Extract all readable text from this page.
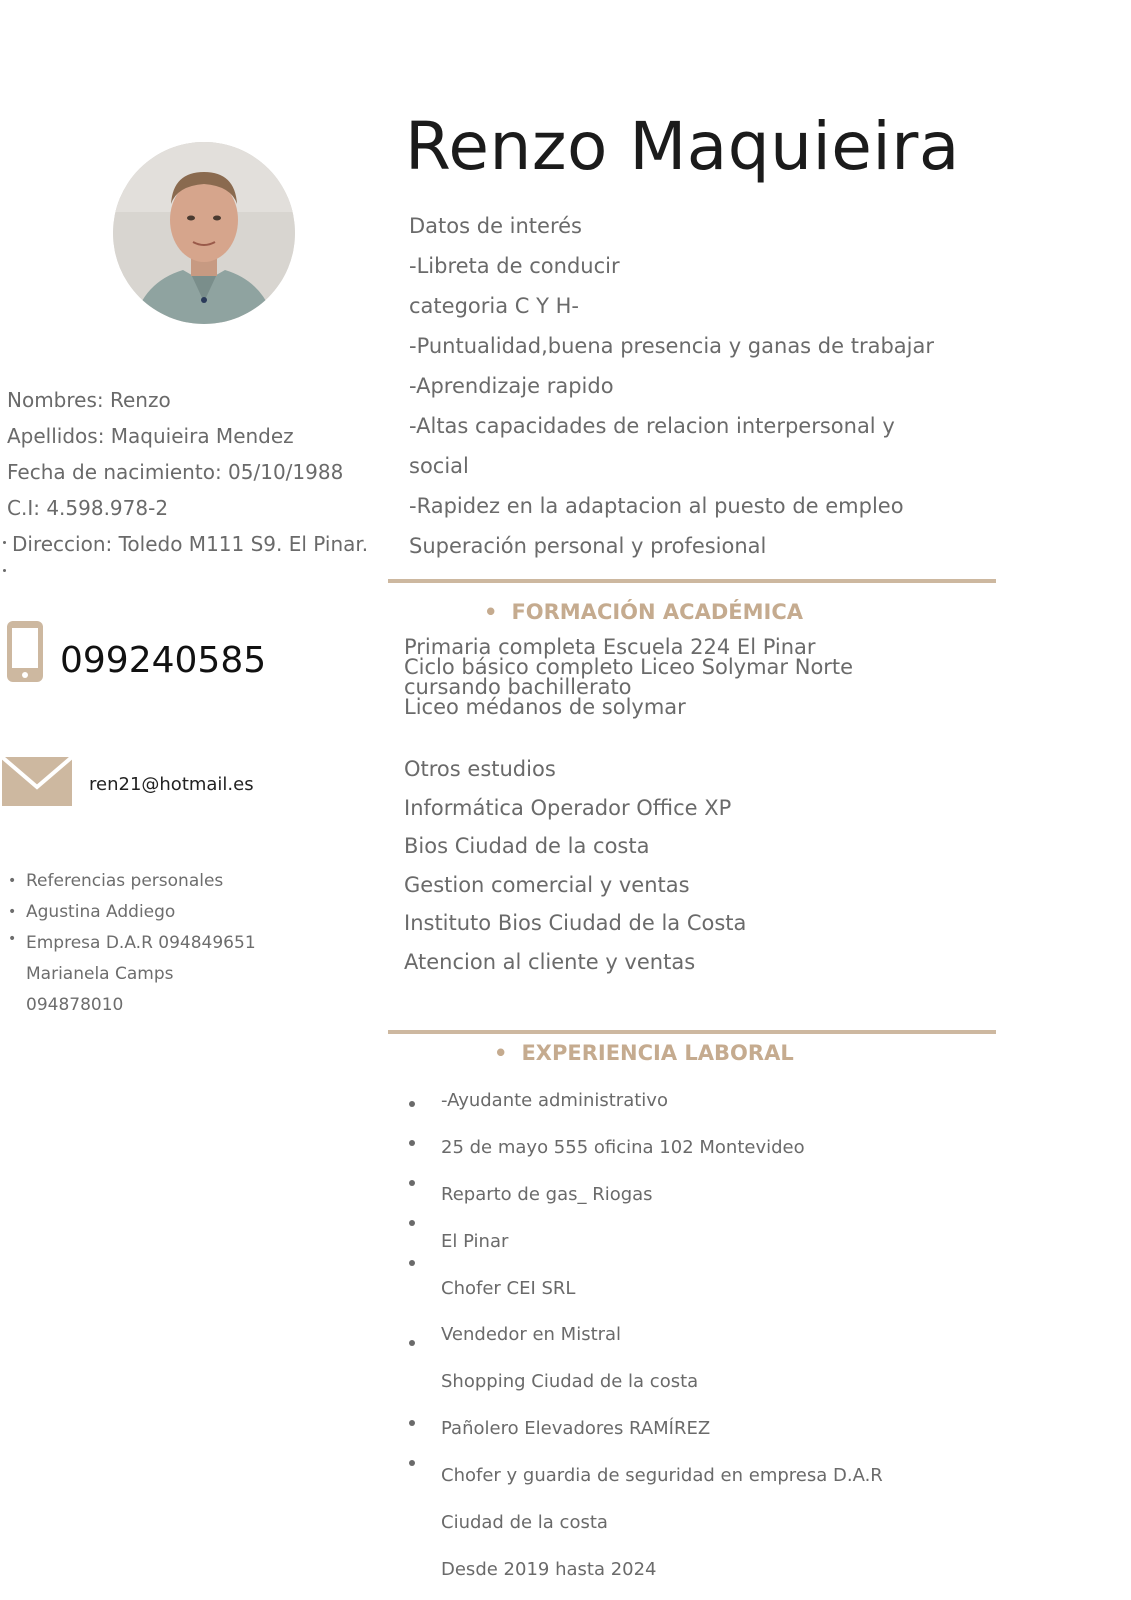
Nombres: Renzo
Apellidos: Maquieira Mendez
Fecha de nacimiento: 05/10/1988
C.I: 4.598.978-2
Direccion: Toledo M111 S9. El Pinar.
099240585
ren21@hotmail.es
• Referencias personales
• Agustina Addiego
• Empresa D.A.R 094849651
Marianela Camps
094878010
Renzo Maquieira
Datos de interés
-Libreta de conducir
categoria C Y H-
-Puntualidad,buena presencia y ganas de trabajar
-Aprendizaje rapido
-Altas capacidades de relacion interpersonal y
social
-Rapidez en la adaptacion al puesto de empleo
Superación personal y profesional
• FORMACIÓN ACADÉMICA
Primaria completa Escuela 224 El Pinar
Ciclo básico completo Liceo Solymar Norte
cursando bachillerato
Liceo médanos de solymar
Otros estudios
Informática Operador Office XP
Bios Ciudad de la costa
Gestion comercial y ventas
Instituto Bios Ciudad de la Costa
Atencion al cliente y ventas
• EXPERIENCIA LABORAL
-Ayudante administrativo
25 de mayo 555 oficina 102 Montevideo
Reparto de gas_ Riogas
El Pinar
Chofer CEI SRL
Vendedor en Mistral
Shopping Ciudad de la costa
Pañolero Elevadores RAMÍREZ
Chofer y guardia de seguridad en empresa D.A.R
Ciudad de la costa
Desde 2019 hasta 2024
